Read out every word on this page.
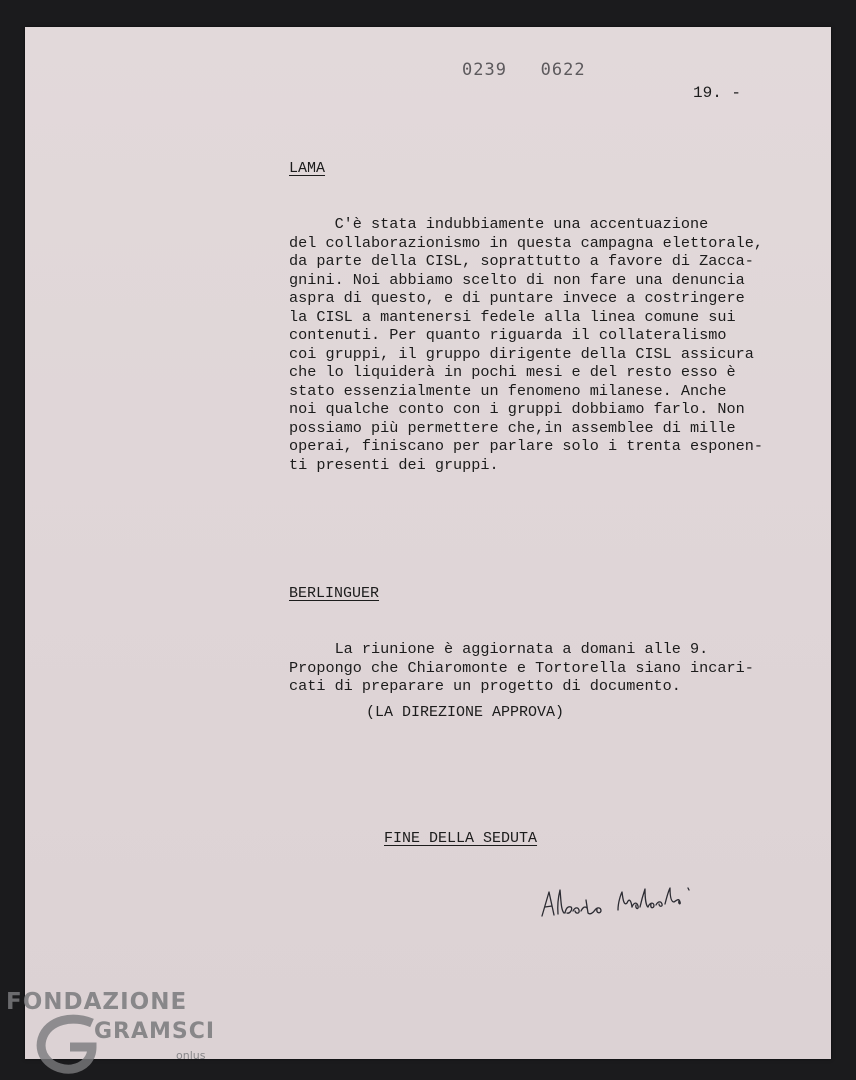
0239   0622
19. -
LAMA
C'è stata indubbiamente una accentuazione
del collaborazionismo in questa campagna elettorale,
da parte della CISL, soprattutto a favore di Zacca-
gnini. Noi abbiamo scelto di non fare una denuncia
aspra di questo, e di puntare invece a costringere
la CISL a mantenersi fedele alla linea comune sui
contenuti. Per quanto riguarda il collateralismo
coi gruppi, il gruppo dirigente della CISL assicura
che lo liquiderà in pochi mesi e del resto esso è
stato essenzialmente un fenomeno milanese. Anche
noi qualche conto con i gruppi dobbiamo farlo. Non
possiamo più permettere che,in assemblee di mille
operai, finiscano per parlare solo i trenta esponen-
ti presenti dei gruppi.
BERLINGUER
La riunione è aggiornata a domani alle 9.
Propongo che Chiaromonte e Tortorella siano incari-
cati di preparare un progetto di documento.
(LA DIREZIONE APPROVA)
FINE DELLA SEDUTA
FONDAZIONE
GRAMSCI
onlus
